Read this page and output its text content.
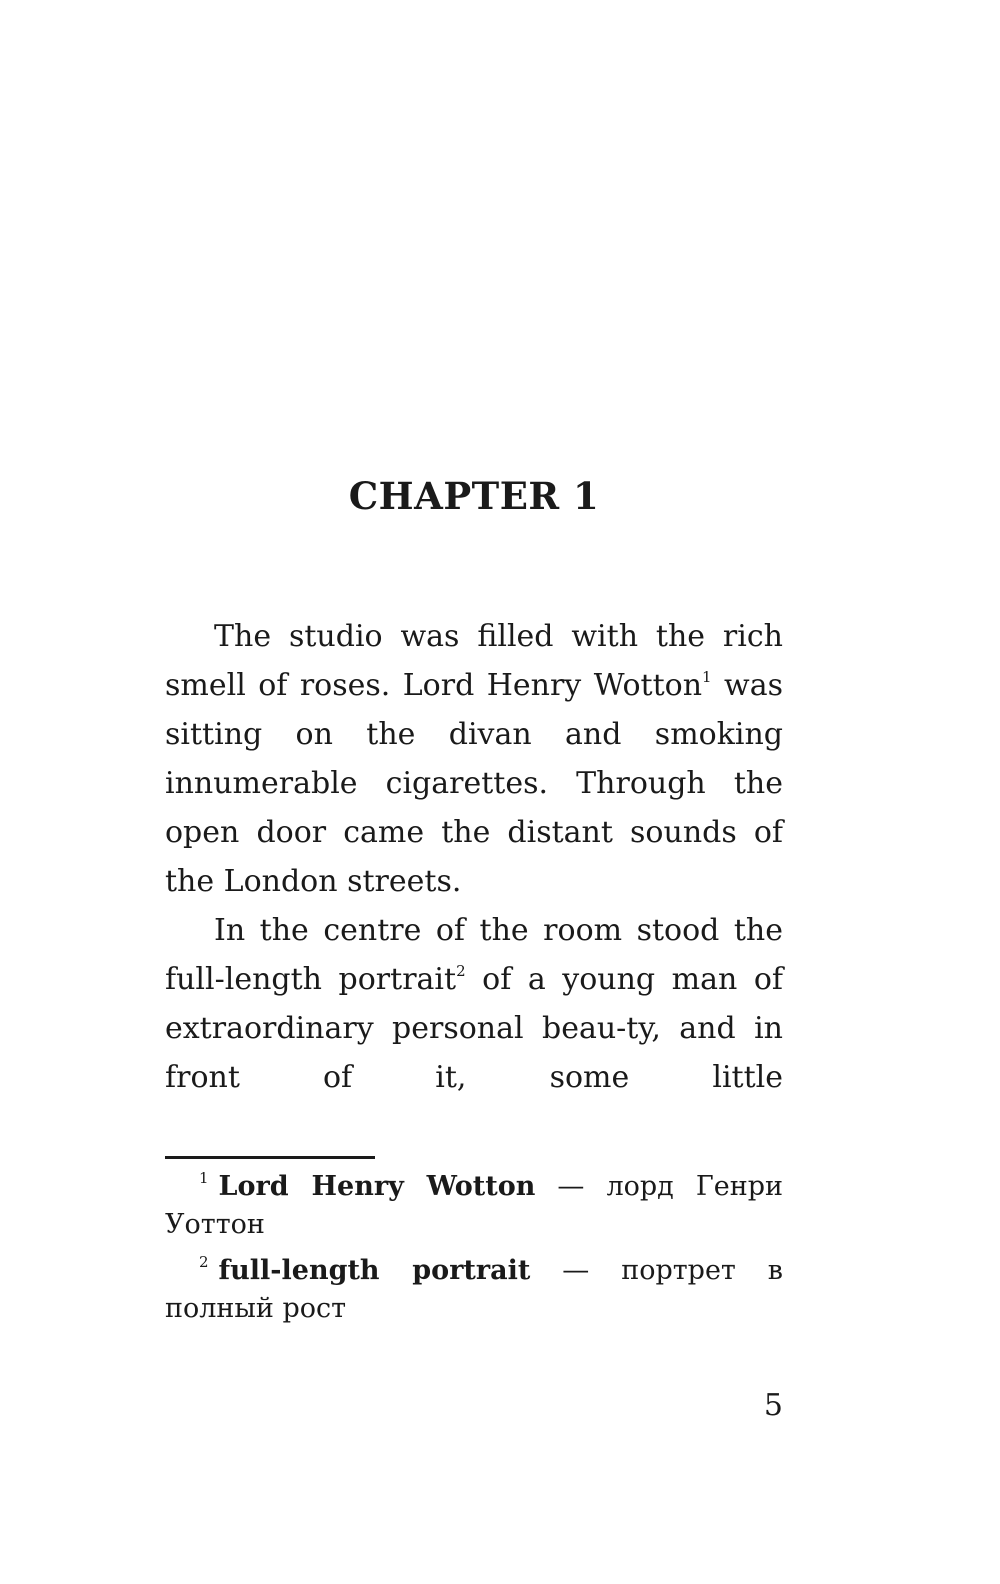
CHAPTER 1

The studio was filled with the rich smell of roses. Lord Henry Wotton$^1$ was sitting on the divan and smoking innumerable cigarettes. Through the open door came the distant sounds of the London streets.

In the centre of the room stood the full-length portrait$^2$ of a young man of extraordinary personal beau-ty, and in front of it, some little

$^1$ Lord Henry Wotton — лорд Генри Уоттон

$^2$ full-length portrait — портрет в полный рост

5
